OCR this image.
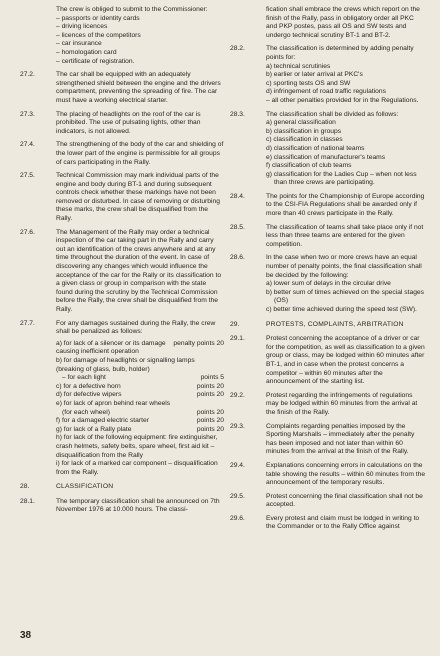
The crew is obliged to submit to the Commissioner:
– passports or identity cards
– driving licences
– licences of the competitors
– car insurance
– homologation card
– certificate of registration.
27.2.	The car shall be equipped with an adequately strengthened shield between the engine and the drivers compartment, preventing the spreading of fire. The car must have a working electrical starter.
27.3.	The placing of headlights on the roof of the car is prohibited. The use of pulsating lights, other than indicators, is not allowed.
27.4.	The strengthening of the body of the car and shielding of the lower part of the engine is permissible for all groups of cars participating in the Rally.
27.5.	Technical Commission may mark individual parts of the engine and body during BT-1 and during subsequent controls check whether these markings have not been removed or disturbed. In case of removing or disturbing these marks, the crew shall be disqualified from the Rally.
27.6.	The Management of the Rally may order a technical inspection of the car taking part in the Rally and carry out an identification of the crews anywhere and at any time throughout the duration of the event. In case of discovering any changes which would influence the acceptance of the car for the Rally or its classification to a given class or group in comparison with the state found during the scrutiny by the Technical Commission before the Rally, the crew shall be disqualified from the Rally.
27.7.	For any damages sustained during the Rally, the crew shall be penalized as follows:
a) for lack of a silencer or its damage causing inefficient operation
penalty points 20
b) for damage of headlights or signalling lamps (breaking of glass, bulb, holder)
– for each light	points 5
c) for a defective horn	points 20
d) for defective wipers	points 20
e) for lack of apron behind rear wheels
(for each wheel)	points 20
f) for a damaged electric starter	points 20
g) for lack of a Rally plate	points 20
h) for lack of the following equipment: fire extinguisher, crash helmets, safety belts, spare wheel, first aid kit – disqualification from the Rally
i) for lack of a marked car component – disqualification from the Rally.
28.	CLASSIFICATION
28.1.	The temporary classification shall be announced on 7th November 1976 at 10.000 hours. The classi-
fication shall embrace the crews which report on the finish of the Rally, pass in obligatory order all PKC and PKP postes, pass all OS and SW tests and undergo technical scrutiny BT-1 and BT-2.
28.2.	The classification is determined by adding penalty points for:
a) technical scrutinies
b) earlier or later arrival at PKC's
c) sporting tests OS and SW
d) infringement of road traffic regulations
– all other penalties provided for in the Regulations.
28.3.	The classification shall be divided as follows:
a) general classification
b) classification in groups
c) classification in classes
d) classification of national teams
e) classification of manufacturer's teams
f) classification of club teams
g) classification for the Ladies Cup – when not less than three crews are participating.
28.4.	The points for the Championship of Europe according to the CSI-FIA Regulations shall be awarded only if more than 40 crews participate in the Rally.
28.5.	The classification of teams shall take place only if not less than three teams are entered for the given competition.
28.6.	In the case when two or more crews have an equal number of penalty points, the final classification shall be decided by the following:
a) lower sum of delays in the circular drive
b) better sum of times achieved on the special stages (OS)
c) better time achieved during the speed test (SW).
29.	PROTESTS, COMPLAINTS, ARBITRATION
29.1.	Protest concerning the acceptance of a driver or car for the competition, as well as classification to a given group or class, may be lodged within 60 minutes after BT-1, and in case when the protest concerns a competitor – within 60 minutes after the announcement of the starting list.
29.2.	Protest regarding the infringements of regulations may be lodged within 60 minutes from the arrival at the finish of the Rally.
29.3.	Complaints regarding penalties imposed by the Sporting Marshalls – immediately after the penalty has been imposed and not later than within 60 minutes from the arrival at the finish of the Rally.
29.4.	Explanations concerning errors in calculations on the table showing the results – within 60 minutes from the announcement of the temporary results.
29.5.	Protest concerning the final classification shall not be accepted.
29.6.	Every protest and claim must be lodged in writing to the Commander or to the Rally Office against
38
